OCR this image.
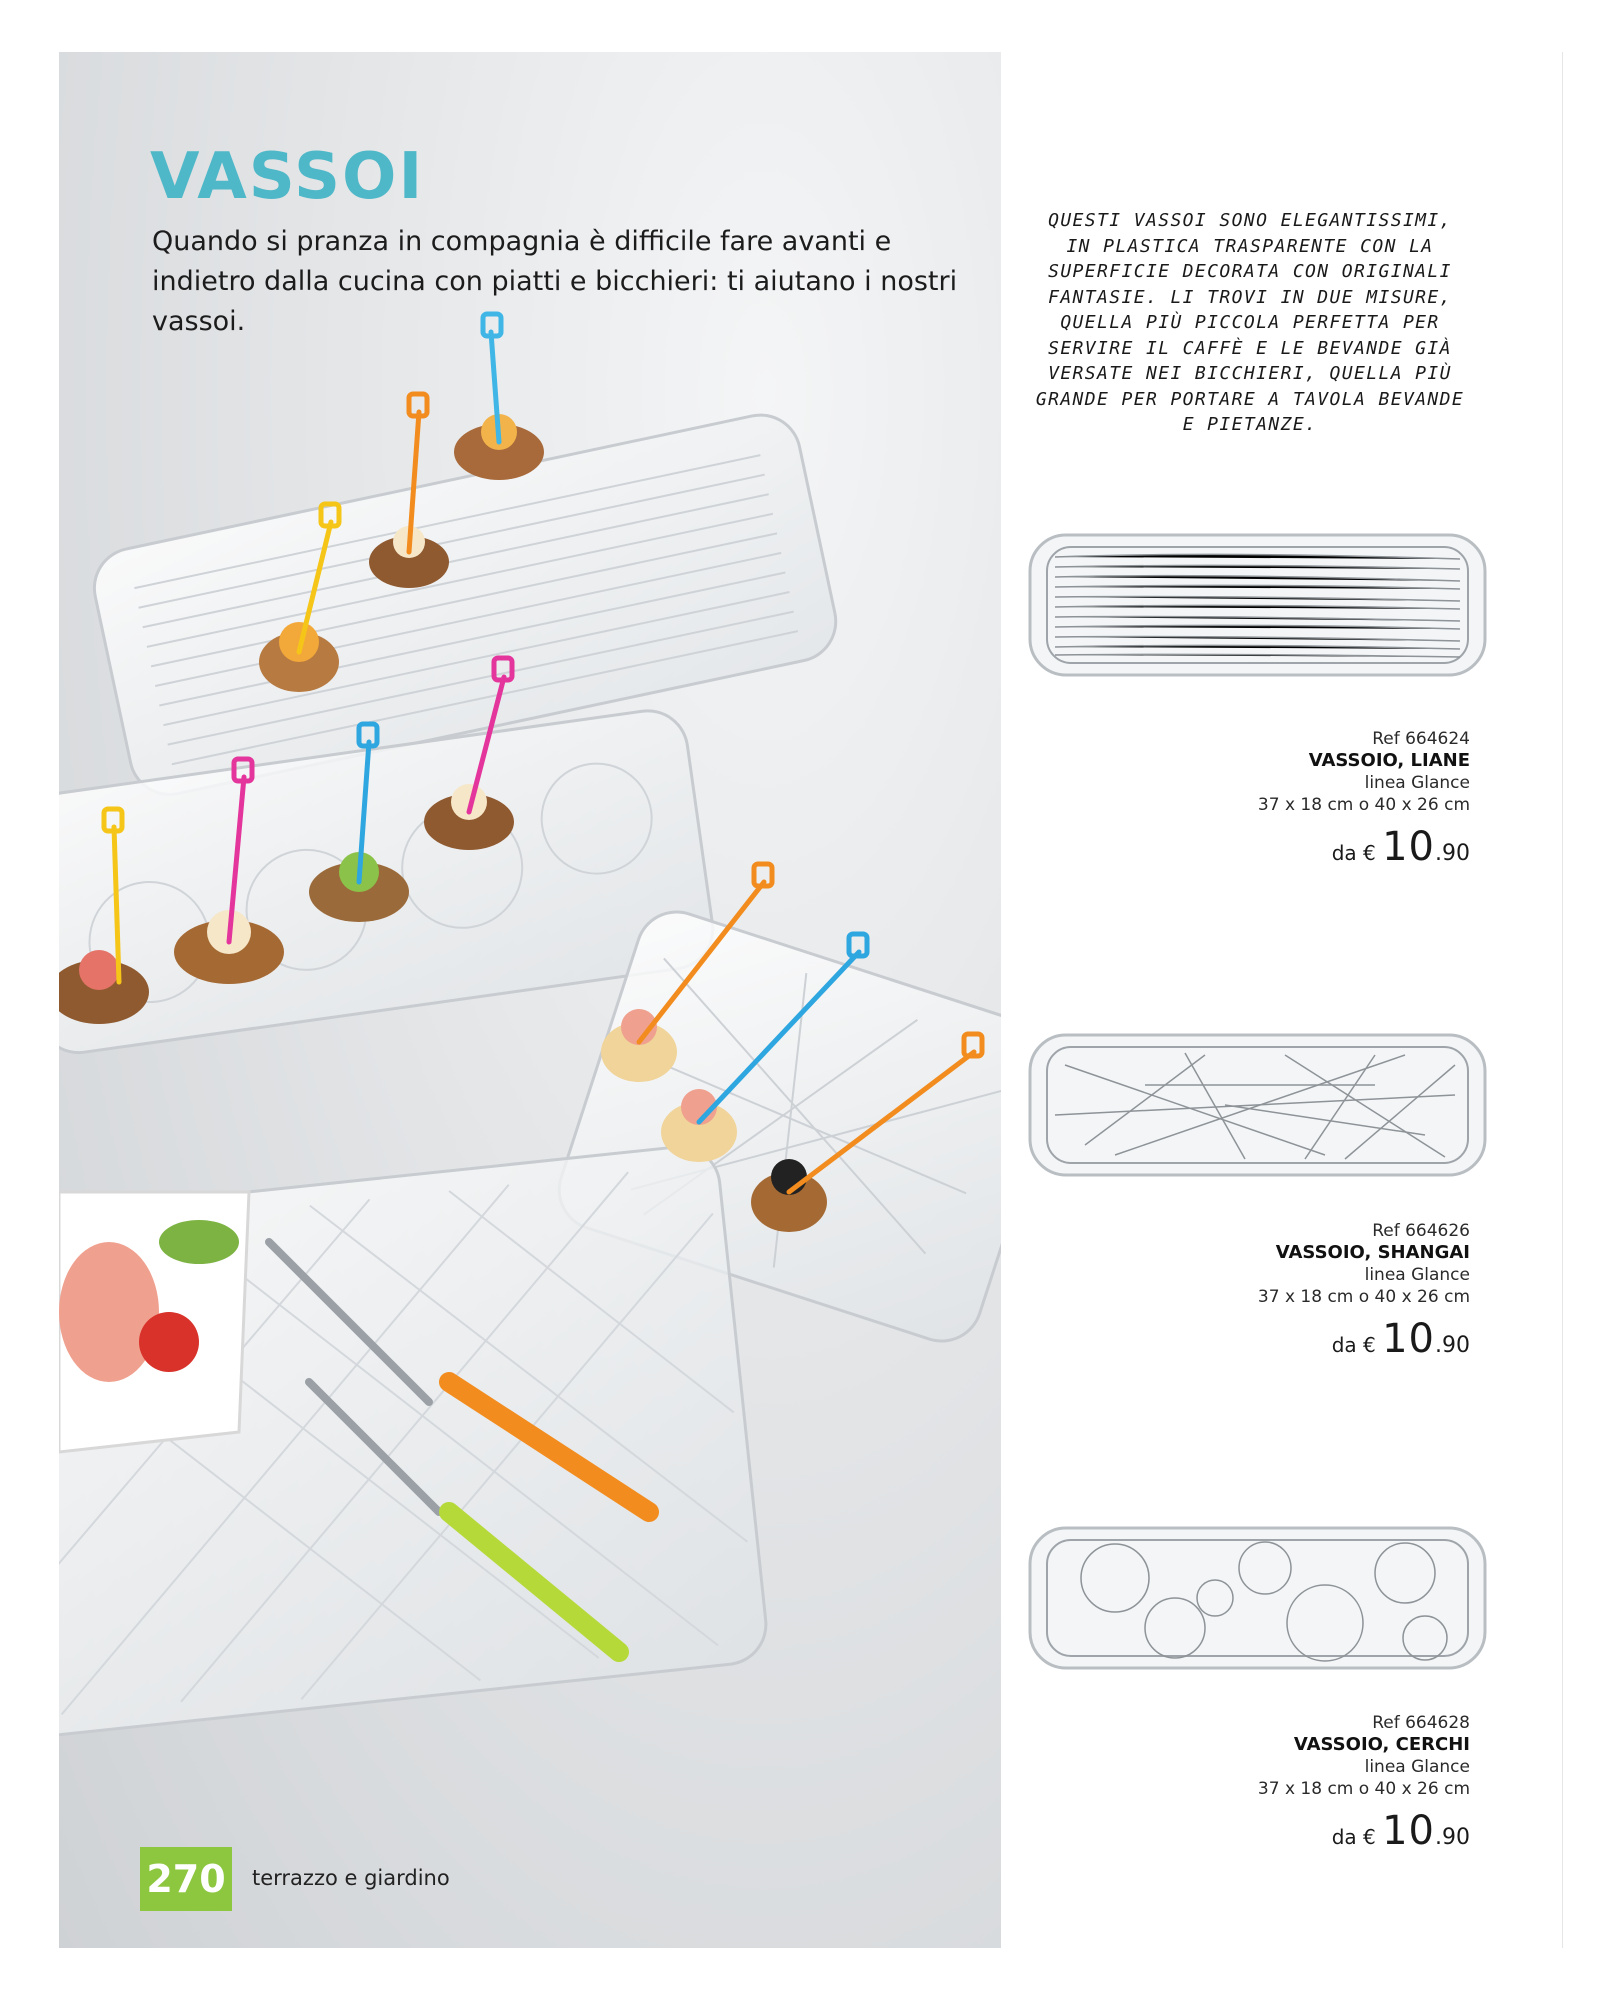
VASSOI

Quando si pranza in compagnia è difficile fare avanti e indietro dalla cucina con piatti e bicchieri: ti aiutano i nostri vassoi.

QUESTI VASSOI SONO ELEGANTISSIMI, IN PLASTICA TRASPARENTE CON LA SUPERFICIE DECORATA CON ORIGINALI FANTASIE. LI TROVI IN DUE MISURE, QUELLA PIÙ PICCOLA PERFETTA PER SERVIRE IL CAFFÈ E LE BEVANDE GIÀ VERSATE NEI BICCHIERI, QUELLA PIÙ GRANDE PER PORTARE A TAVOLA BEVANDE E PIETANZE.

Ref 664624
VASSOIO, LIANE
linea Glance
37 x 18 cm o 40 x 26 cm
da € 10.90
Ref 664626
VASSOIO, SHANGAI
linea Glance
37 x 18 cm o 40 x 26 cm
da € 10.90
Ref 664628
VASSOIO, CERCHI
linea Glance
37 x 18 cm o 40 x 26 cm
da € 10.90
270	terrazzo e giardino
